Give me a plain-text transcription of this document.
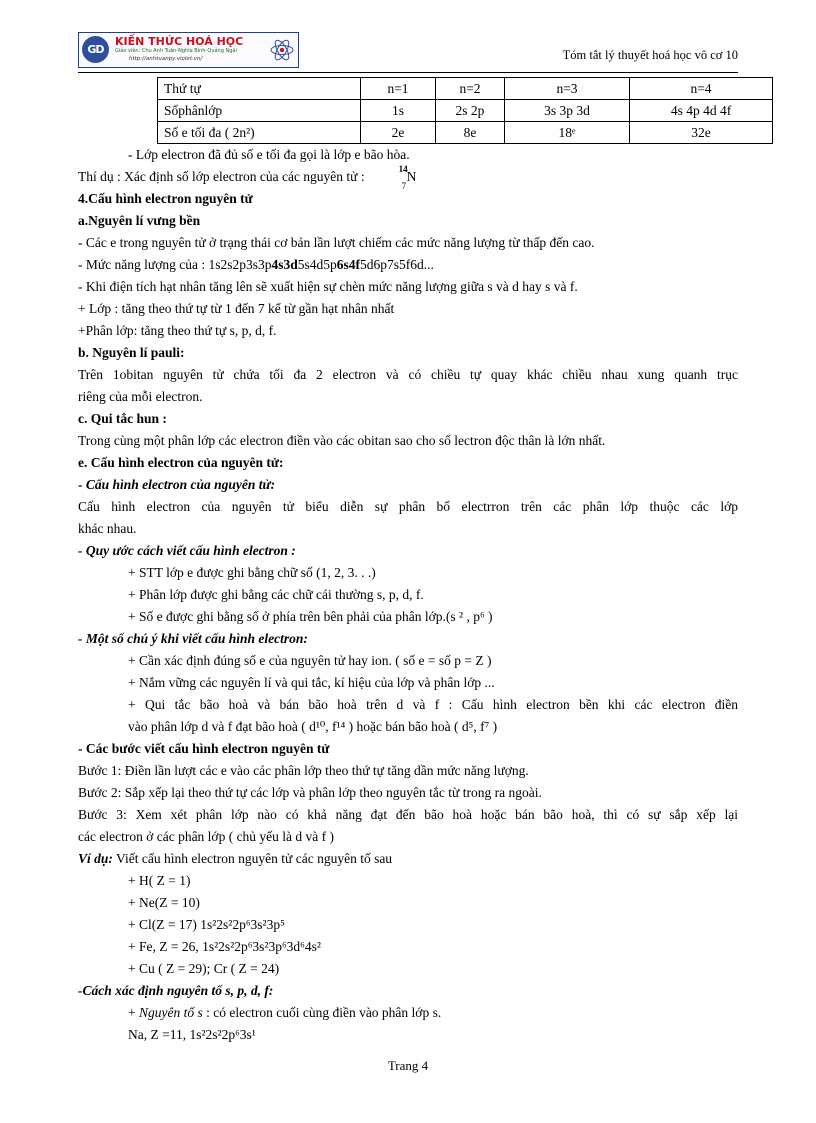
GD
KIẾN THỨC HOÁ HỌC
Giáo viên: Chu Anh Tuấn-Nghĩa Bình-Quảng Ngãi
http://anhtuanpy.violet.vn/	Tóm tắt lý thuyết hoá học vô cơ 10
Thứ tự	n=1	n=2	n=3	n=4
Sốphânlớp	1s	2s 2p	3s 3p 3d	4s 4p 4d 4f
Số e tối đa ( 2n²)	2e	8e	18ᵉ	32e
- Lớp electron đã đủ số e tối đa gọi là lớp e bão hòa.
Thí dụ : Xác định số lớp electron của các nguyên tử :	14
7
N
4.Cấu hình electron nguyên tử
a.Nguyên lí vưng bền
- Các e trong nguyên tử ở trạng thái cơ bản lần lượt chiếm các mức năng lượng từ thấp đến cao.
- Mức năng lượng của : 1s2s2p3s3p4s3d5s4d5p6s4f5d6p7s5f6d...
- Khi điện tích hạt nhân tăng lên sẽ xuất hiện sự chèn mức năng lượng giữa s và d hay s và f.
+ Lớp : tăng theo thứ tự từ 1 đến 7 kể từ gần hạt nhân nhất
+Phân lớp: tăng theo thứ tự s, p, d, f.
b. Nguyên lí pauli:
Trên 1obitan nguyên tử chứa tối đa 2 electron và có chiều tự quay khác chiều nhau xung quanh trục
riêng của mỗi electron.
c. Qui tắc hun :
Trong cùng một phân lớp các electron điền vào các obitan sao cho số lectron độc thân là lớn nhất.
e. Cấu hình electron của nguyên tử:
- Cấu hình electron của nguyên tử:
Cấu hình electron của nguyên tử biểu diễn sự phân bố electrron trên các phân lớp thuộc các lớp
khác nhau.
- Quy ước cách viết cấu hình electron :
+ STT lớp e được ghi bằng chữ số (1, 2, 3. . .)
+ Phân lớp được ghi bằng các chữ cái thường s, p, d, f.
+ Số e được ghi bằng số ở phía trên bên phải của phân lớp.(s ² , p⁶ )
- Một số chú ý khi viết cấu hình electron:
+ Cần xác định đúng số e của nguyên tử hay ion. ( số e = số p = Z )
+ Nắm vững các nguyên lí và qui tắc, kí hiệu của lớp và phân lớp ...
+ Qui tắc bão hoà và bán bão hoà trên d và f : Cấu hình electron bền khi các electron điền
vào phân lớp d và f đạt bão hoà ( d¹⁰, f¹⁴ ) hoặc bán bão hoà ( d⁵, f⁷ )
- Các bước viết cấu hình electron nguyên tử
Bước 1: Điền lần lượt các e vào các phân lớp theo thứ tự tăng dần mức năng lượng.
Bước 2: Sắp xếp lại theo thứ tự các lớp và phân lớp theo nguyên tắc từ trong ra ngoài.
Bước 3: Xem xét phân lớp nào có khả năng đạt đến bão hoà hoặc bán bão hoà, thì có sự sắp xếp lại
các electron ở các phân lớp ( chủ yếu là d và f )
Ví dụ: Viết cấu hình electron nguyên tử các nguyên tố sau
+ H( Z = 1)
+ Ne(Z = 10)
+ Cl(Z = 17) 1s²2s²2p⁶3s²3p⁵
+ Fe, Z = 26, 1s²2s²2p⁶3s²3p⁶3d⁶4s²
+ Cu ( Z = 29); Cr ( Z = 24)
-Cách xác định nguyên tố s, p, d, f:
+ Nguyên tố s : có electron cuối cùng điền vào phân lớp s.
Na, Z =11, 1s²2s²2p⁶3s¹
Trang 4
